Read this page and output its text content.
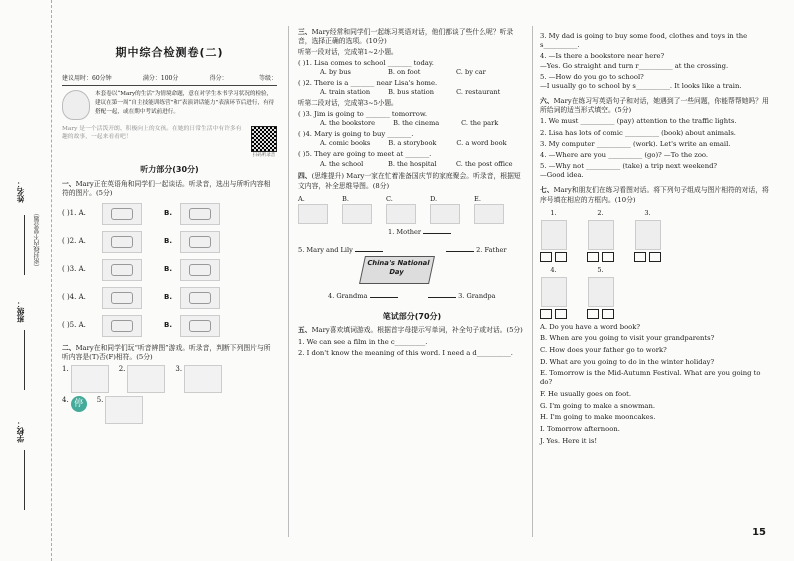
姓名：
（密封线内不要答题）
班级：
学校：
期中综合检测卷(二)
建议用时：60分钟	满分：100分	得分：	等级：
本套卷以“Mary的生活”为情境命题，意在对学生本书学习状况的检验，建议在第一周“自主技能训练营”和“表演讲话能力”表演环节后进行，有待搭配一起，或在期中考试前进行。
Mary 是一个活泼开朗、积极向上的女孩。在她的日常生活中有许多有趣的故事，一起来看看吧！
扫码听录音
听力部分(30分)
一、Mary正在英语角和同学们一起谈话。听录音，选出与所听内容相符的图片。(5分)
( )1. A.	B.
( )2. A.	B.
( )3. A.	B.
( )4. A.	B.
( )5. A.	B.
二、Mary在和同学们玩“听音辨图”游戏。听录音，判断下列图片与所听内容是(T)否(F)相符。(5分)
1.	2.	3.
4. 停	5.
三、Mary经常和同学们一起练习英语对话，他们都谈了些什么呢？听录音，选择正确的选项。(10分)
听第一段对话，完成第1~2小题。
( )1. Lisa comes to school _______ today.
A. by bus	B. on foot	C. by car
( )2. There is a _______ near Lisa's home.
A. train station	B. bus station	C. restaurant
听第二段对话，完成第3~5小题。
( )3. Jim is going to _______ tomorrow.
A. the bookstore	B. the cinema	C. the park
( )4. Mary is going to buy _______.
A. comic books	B. a storybook	C. a word book
( )5. They are going to meet at _______.
A. the school	B. the hospital	C. the post office
四、(思维提升) Mary一家在忙着准备国庆节的家庭聚会。听录音，根据短文内容，补全思维导图。(8分)
A.	B.	C.	D.	E.
China's National Day
1. Mother
5. Mary and Lily	2. Father
4. Grandma	3. Grandpa
笔试部分(70分)
五、Mary喜欢填词游戏。根据首字母提示写单词，补全句子或对话。(5分)
1. We can see a film in the c_________.
2. I don't know the meaning of this word. I need a d__________.
3. My dad is going to buy some food, clothes and toys in the s__________.
4. —Is there a bookstore near here?
—Yes. Go straight and turn r__________ at the crossing.
5. —How do you go to school?
—I usually go to school by s__________. It looks like a train.
六、Mary在练习写英语句子和对话，她遇到了一些问题，你能帮帮她吗？用所给词的适当形式填空。(5分)
1. We must __________ (pay) attention to the traffic lights.
2. Lisa has lots of comic __________ (book) about animals.
3. My computer __________ (work). Let's write an email.
4. —Where are you __________ (go)? —To the zoo.
5. —Why not __________ (take) a trip next weekend?
—Good idea.
七、Mary和朋友们在练习看图对话。将下列句子组成与图片相符的对话，将序号填在相应的方框内。(10分)
1.	2.	3.
4.	5.
A. Do you have a word book?
B. When are you going to visit your grandparents?
C. How does your father go to work?
D. What are you going to do in the winter holiday?
E. Tomorrow is the Mid-Autumn Festival. What are you going to do?
F. He usually goes on foot.
G. I'm going to make a snowman.
H. I'm going to make mooncakes.
I. Tomorrow afternoon.
J. Yes. Here it is!
15
